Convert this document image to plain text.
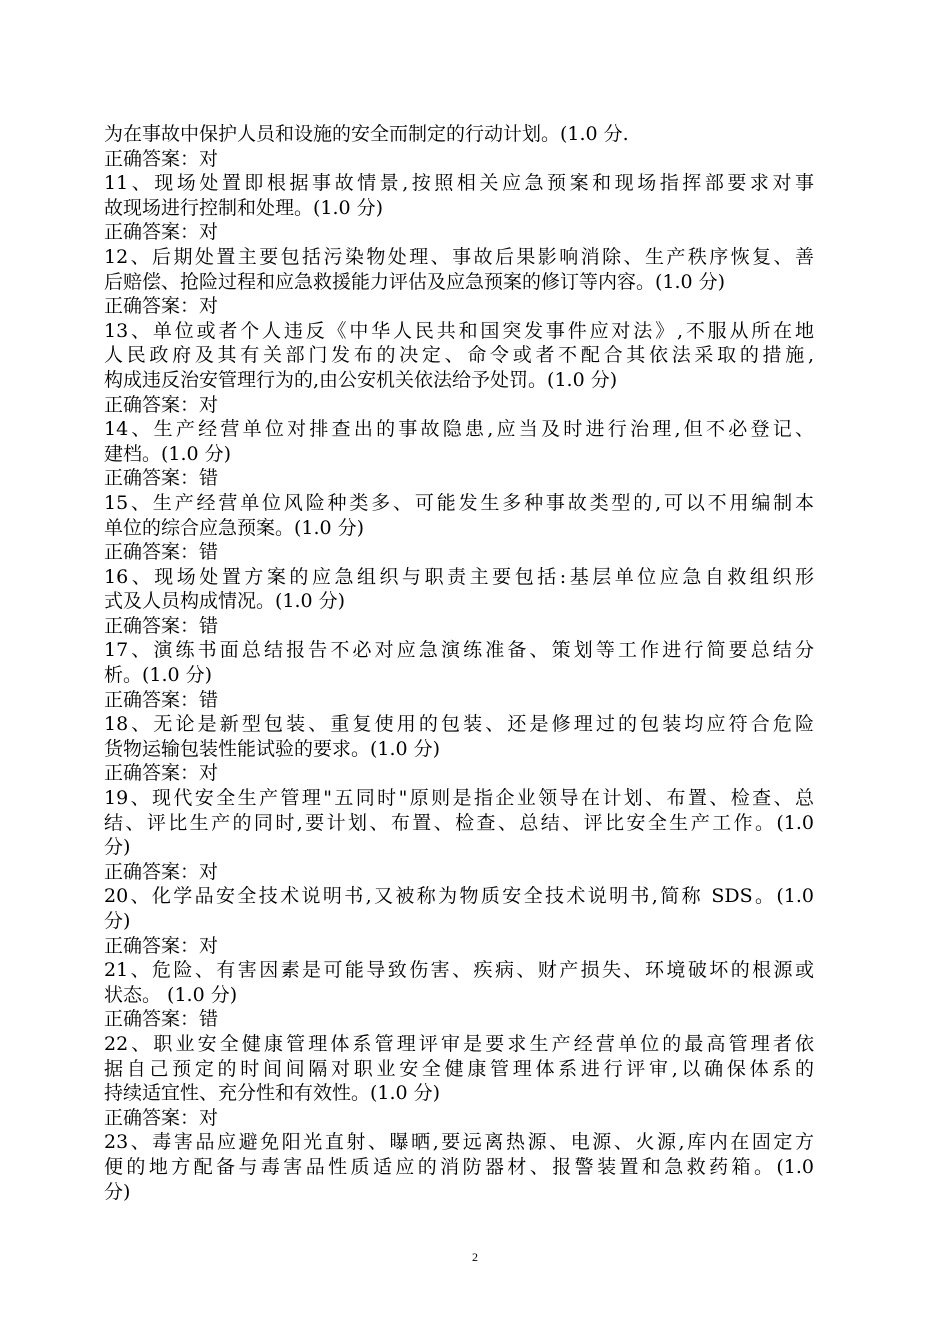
为在事故中保护人员和设施的安全而制定的行动计划。(1.0 分.
正确答案：对
11、现场处置即根据事故情景,按照相关应急预案和现场指挥部要求对事
故现场进行控制和处理。(1.0 分)
正确答案：对
12、后期处置主要包括污染物处理、事故后果影响消除、生产秩序恢复、善
后赔偿、抢险过程和应急救援能力评估及应急预案的修订等内容。(1.0 分)
正确答案：对
13、单位或者个人违反《中华人民共和国突发事件应对法》,不服从所在地
人民政府及其有关部门发布的决定、命令或者不配合其依法采取的措施,
构成违反治安管理行为的,由公安机关依法给予处罚。(1.0 分)
正确答案：对
14、生产经营单位对排查出的事故隐患,应当及时进行治理,但不必登记、
建档。(1.0 分)
正确答案：错
15、生产经营单位风险种类多、可能发生多种事故类型的,可以不用编制本
单位的综合应急预案。(1.0 分)
正确答案：错
16、现场处置方案的应急组织与职责主要包括:基层单位应急自救组织形
式及人员构成情况。(1.0 分)
正确答案：错
17、演练书面总结报告不必对应急演练准备、策划等工作进行简要总结分
析。(1.0 分)
正确答案：错
18、无论是新型包装、重复使用的包装、还是修理过的包装均应符合危险
货物运输包装性能试验的要求。(1.0 分)
正确答案：对
19、现代安全生产管理"五同时"原则是指企业领导在计划、布置、检查、总
结、评比生产的同时,要计划、布置、检查、总结、评比安全生产工作。(1.0
分)
正确答案：对
20、化学品安全技术说明书,又被称为物质安全技术说明书,简称 SDS。(1.0
分)
正确答案：对
21、危险、有害因素是可能导致伤害、疾病、财产损失、环境破坏的根源或
状态。 (1.0 分)
正确答案：错
22、职业安全健康管理体系管理评审是要求生产经营单位的最高管理者依
据自己预定的时间间隔对职业安全健康管理体系进行评审,以确保体系的
持续适宜性、充分性和有效性。(1.0 分)
正确答案：对
23、毒害品应避免阳光直射、曝晒,要远离热源、电源、火源,库内在固定方
便的地方配备与毒害品性质适应的消防器材、报警装置和急救药箱。(1.0
分)
2
